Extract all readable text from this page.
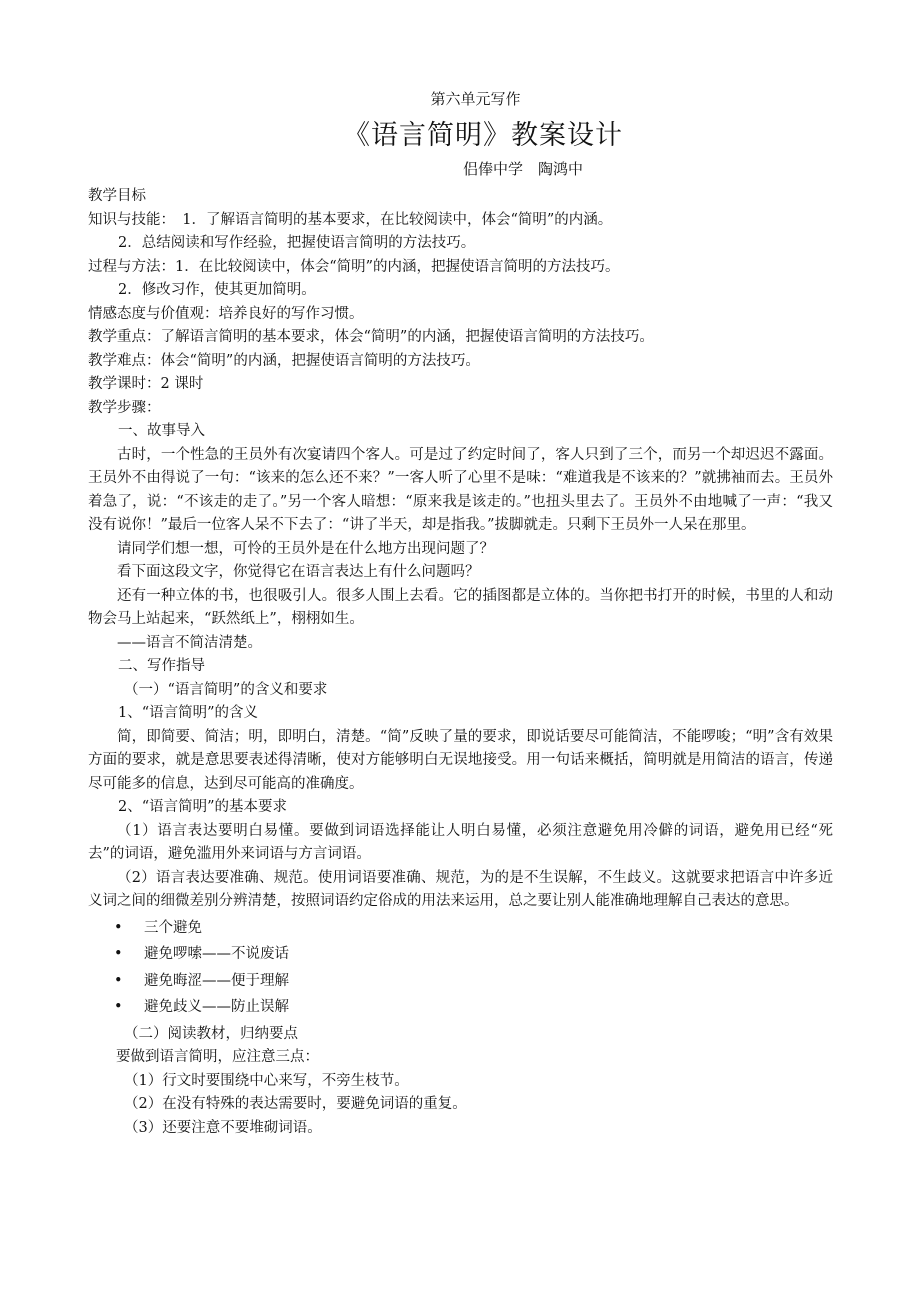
第六单元写作
《语言简明》教案设计
侣俸中学　陶鸿中
教学目标
知识与技能：　1．了解语言简明的基本要求，在比较阅读中，体会“简明”的内涵。
2．总结阅读和写作经验，把握使语言简明的方法技巧。
过程与方法：1．在比较阅读中，体会“简明”的内涵，把握使语言简明的方法技巧。
2．修改习作，使其更加简明。
情感态度与价值观：培养良好的写作习惯。
教学重点：了解语言简明的基本要求，体会“简明”的内涵，把握使语言简明的方法技巧。
教学难点：体会“简明”的内涵，把握使语言简明的方法技巧。
教学课时：2 课时
教学步骤：
一、故事导入
古时，一个性急的王员外有次宴请四个客人。可是过了约定时间了，客人只到了三个，而另一个却迟迟不露面。王员外不由得说了一句：“该来的怎么还不来？”一客人听了心里不是味：“难道我是不该来的？”就拂袖而去。王员外着急了，说：“不该走的走了。”另一个客人暗想：“原来我是该走的。”也扭头里去了。王员外不由地喊了一声：“我又没有说你！”最后一位客人呆不下去了：“讲了半天，却是指我。”拔脚就走。只剩下王员外一人呆在那里。
请同学们想一想，可怜的王员外是在什么地方出现问题了？
看下面这段文字，你觉得它在语言表达上有什么问题吗？
还有一种立体的书，也很吸引人。很多人围上去看。它的插图都是立体的。当你把书打开的时候，书里的人和动物会马上站起来，“跃然纸上”，栩栩如生。
——语言不简洁清楚。
二、写作指导
（一）“语言简明”的含义和要求
1、“语言简明”的含义
简，即简要、简洁；明，即明白，清楚。“简”反映了量的要求，即说话要尽可能简洁，不能啰唆；“明”含有效果方面的要求，就是意思要表述得清晰，使对方能够明白无误地接受。用一句话来概括，简明就是用简洁的语言，传递尽可能多的信息，达到尽可能高的准确度。
2、“语言简明”的基本要求
（1）语言表达要明白易懂。要做到词语选择能让人明白易懂，必须注意避免用冷僻的词语，避免用已经“死去”的词语，避免滥用外来词语与方言词语。
（2）语言表达要准确、规范。使用词语要准确、规范，为的是不生误解，不生歧义。这就要求把语言中许多近义词之间的细微差别分辨清楚，按照词语约定俗成的用法来运用，总之要让别人能准确地理解自己表达的意思。
• 三个避免
• 避免啰嗦——不说废话
• 避免晦涩——便于理解
• 避免歧义——防止误解
（二）阅读教材，归纳要点
要做到语言简明，应注意三点：
（1）行文时要围绕中心来写，不旁生枝节。
（2）在没有特殊的表达需要时，要避免词语的重复。
（3）还要注意不要堆砌词语。
